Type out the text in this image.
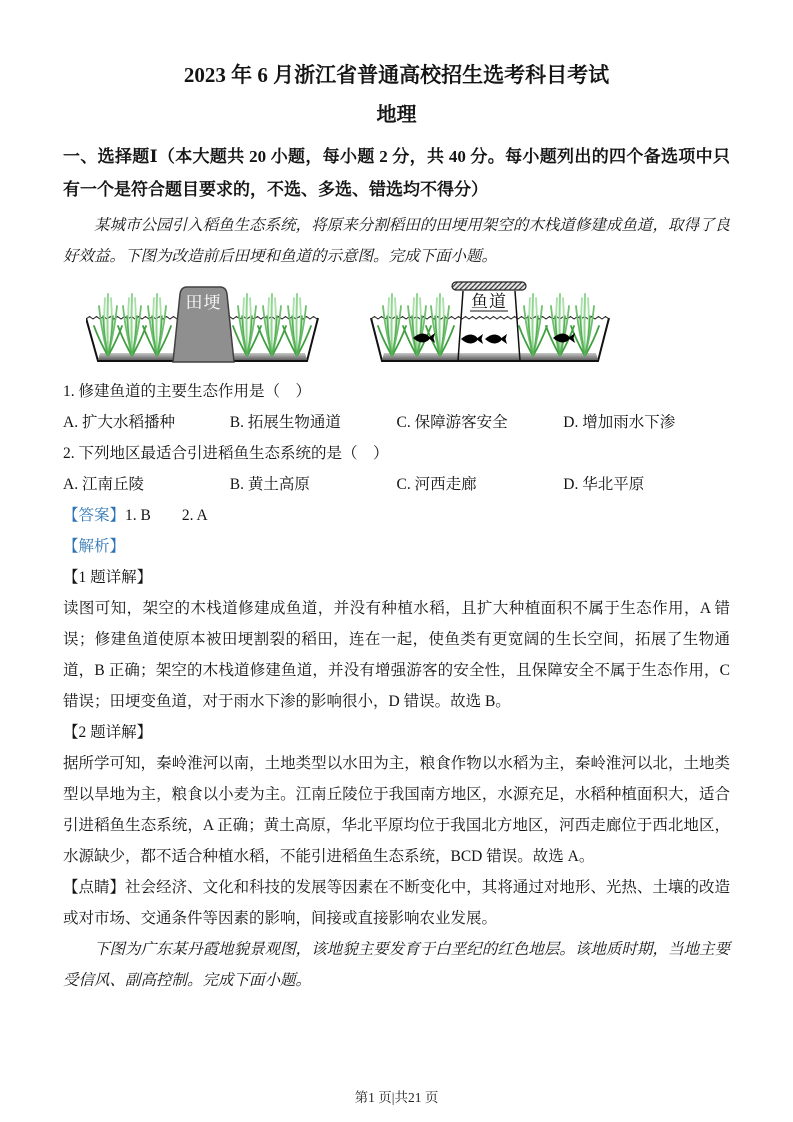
2023 年 6 月浙江省普通高校招生选考科目考试
地理
一、选择题Ⅰ（本大题共 20 小题，每小题 2 分，共 40 分。每小题列出的四个备选项中只有一个是符合题目要求的，不选、多选、错选均不得分）

某城市公园引入稻鱼生态系统，将原来分割稻田的田埂用架空的木栈道修建成鱼道，取得了良好效益。下图为改造前后田埂和鱼道的示意图。完成下面小题。

田埂	鱼道
1. 修建鱼道的主要生态作用是（　）
A. 扩大水稻播种	B. 拓展生物通道	C. 保障游客安全	D. 增加雨水下渗
2. 下列地区最适合引进稻鱼生态系统的是（　）
A. 江南丘陵	B. 黄土高原	C. 河西走廊	D. 华北平原
【答案】1. B　　2. A
【解析】
【1 题详解】

读图可知，架空的木栈道修建成鱼道，并没有种植水稻，且扩大种植面积不属于生态作用，A 错误；修建鱼道使原本被田埂割裂的稻田，连在一起，使鱼类有更宽阔的生长空间，拓展了生物通道，B 正确；架空的木栈道修建鱼道，并没有增强游客的安全性，且保障安全不属于生态作用，C 错误；田埂变鱼道，对于雨水下渗的影响很小，D 错误。故选 B。

【2 题详解】

据所学可知，秦岭淮河以南，土地类型以水田为主，粮食作物以水稻为主，秦岭淮河以北，土地类型以旱地为主，粮食以小麦为主。江南丘陵位于我国南方地区，水源充足，水稻种植面积大，适合引进稻鱼生态系统，A 正确；黄土高原，华北平原均位于我国北方地区，河西走廊位于西北地区，水源缺少，都不适合种植水稻，不能引进稻鱼生态系统，BCD 错误。故选 A。

【点睛】社会经济、文化和科技的发展等因素在不断变化中，其将通过对地形、光热、土壤的改造或对市场、交通条件等因素的影响，间接或直接影响农业发展。

下图为广东某丹霞地貌景观图，该地貌主要发育于白垩纪的红色地层。该地质时期，当地主要受信风、副高控制。完成下面小题。

第1 页|共21 页
